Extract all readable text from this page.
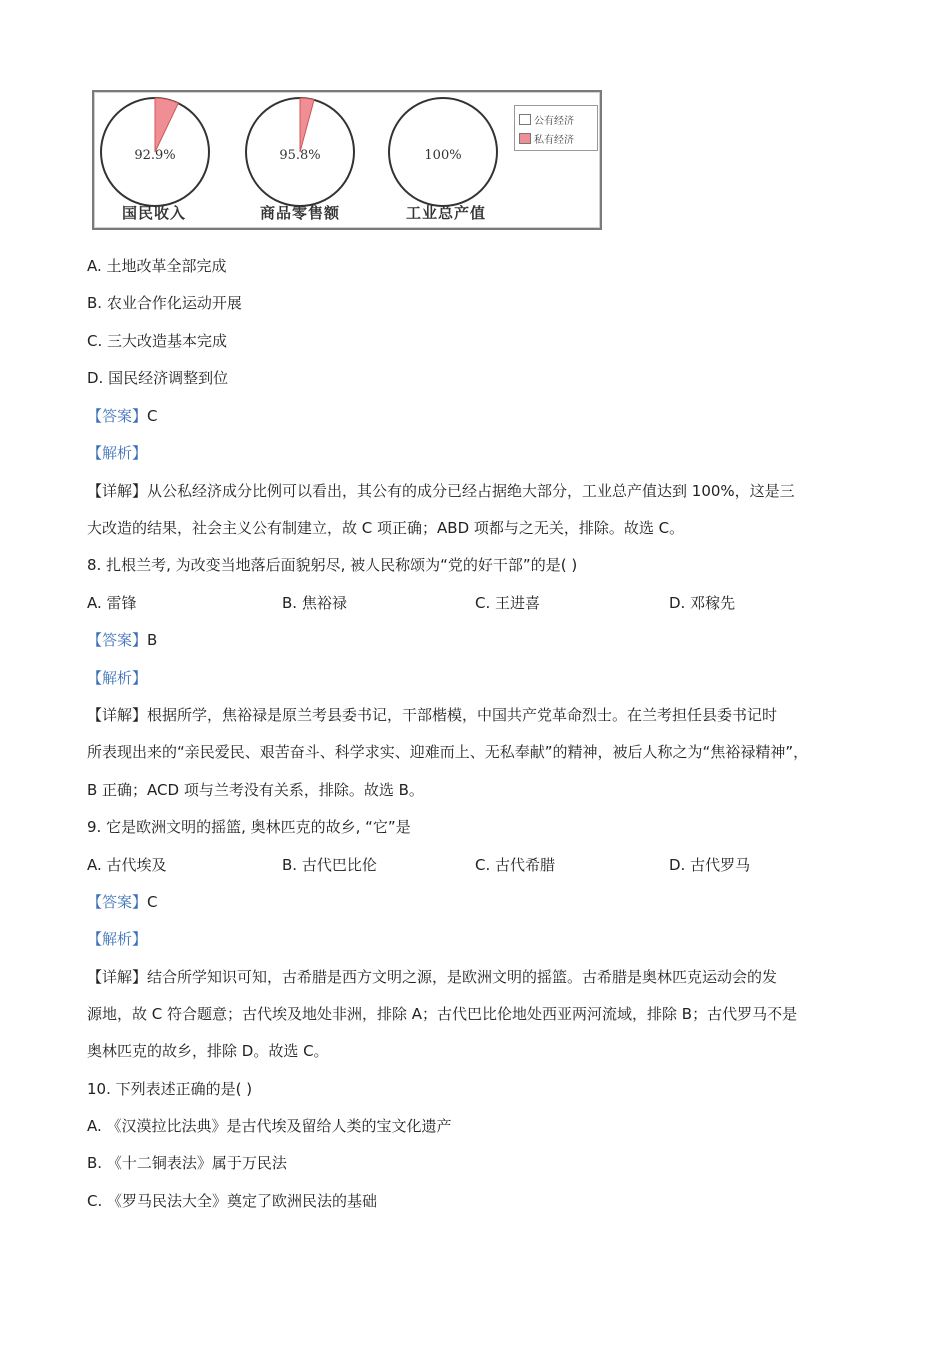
92.9%	95.8%	100%
国民收入	商品零售额	工业总产值
公有经济
私有经济
A. 土地改革全部完成
B. 农业合作化运动开展
C. 三大改造基本完成
D. 国民经济调整到位
【答案】C
【解析】
【详解】从公私经济成分比例可以看出，其公有的成分已经占据绝大部分，工业总产值达到 100%，这是三
大改造的结果，社会主义公有制建立，故 C 项正确；ABD 项都与之无关，排除。故选 C。
8. 扎根兰考, 为改变当地落后面貌躬尽, 被人民称颂为“党的好干部”的是( )
A. 雷锋	B. 焦裕禄	C. 王进喜	D. 邓稼先
【答案】B
【解析】
【详解】根据所学，焦裕禄是原兰考县委书记，干部楷模，中国共产党革命烈士。在兰考担任县委书记时
所表现出来的“亲民爱民、艰苦奋斗、科学求实、迎难而上、无私奉献”的精神，被后人称之为“焦裕禄精神”，
B 正确；ACD 项与兰考没有关系，排除。故选 B。
9. 它是欧洲文明的摇篮, 奥林匹克的故乡, “它”是
A. 古代埃及	B. 古代巴比伦	C. 古代希腊	D. 古代罗马
【答案】C
【解析】
【详解】结合所学知识可知，古希腊是西方文明之源，是欧洲文明的摇篮。古希腊是奥林匹克运动会的发
源地，故 C 符合题意；古代埃及地处非洲，排除 A；古代巴比伦地处西亚两河流域，排除 B；古代罗马不是
奥林匹克的故乡，排除 D。故选 C。
10. 下列表述正确的是( )
A. 《汉漠拉比法典》是古代埃及留给人类的宝文化遗产
B. 《十二铜表法》属于万民法
C. 《罗马民法大全》奠定了欧洲民法的基础
